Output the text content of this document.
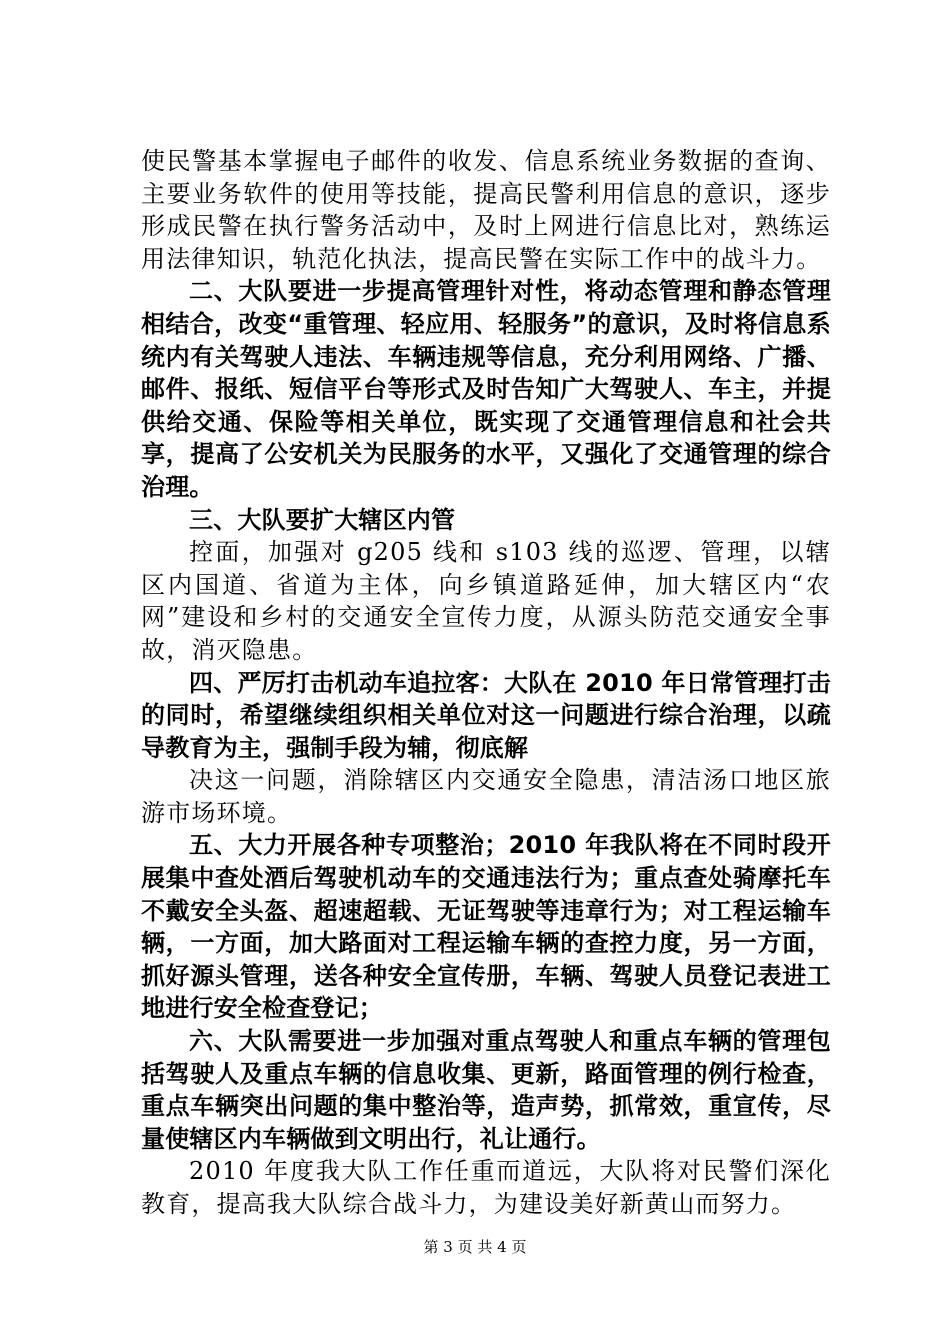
使民警基本掌握电子邮件的收发、信息系统业务数据的查询、主要业务软件的使用等技能，提高民警利用信息的意识，逐步形成民警在执行警务活动中，及时上网进行信息比对，熟练运用法律知识，轨范化执法，提高民警在实际工作中的战斗力。

二、大队要进一步提高管理针对性，将动态管理和静态管理相结合，改变“重管理、轻应用、轻服务”的意识，及时将信息系统内有关驾驶人违法、车辆违规等信息，充分利用网络、广播、邮件、报纸、短信平台等形式及时告知广大驾驶人、车主，并提供给交通、保险等相关单位，既实现了交通管理信息和社会共享，提高了公安机关为民服务的水平，又强化了交通管理的综合治理。

三、大队要扩大辖区内管

控面，加强对 g205 线和 s103 线的巡逻、管理，以辖区内国道、省道为主体，向乡镇道路延伸，加大辖区内“农网”建设和乡村的交通安全宣传力度，从源头防范交通安全事故，消灭隐患。

四、严厉打击机动车追拉客：大队在 2010 年日常管理打击的同时，希望继续组织相关单位对这一问题进行综合治理，以疏导教育为主，强制手段为辅，彻底解

决这一问题，消除辖区内交通安全隐患，清洁汤口地区旅游市场环境。

五、大力开展各种专项整治；2010 年我队将在不同时段开展集中查处酒后驾驶机动车的交通违法行为；重点查处骑摩托车不戴安全头盔、超速超载、无证驾驶等违章行为；对工程运输车辆，一方面，加大路面对工程运输车辆的查控力度，另一方面，抓好源头管理，送各种安全宣传册，车辆、驾驶人员登记表进工地进行安全检查登记；

六、大队需要进一步加强对重点驾驶人和重点车辆的管理包括驾驶人及重点车辆的信息收集、更新，路面管理的例行检查，重点车辆突出问题的集中整治等，造声势，抓常效，重宣传，尽量使辖区内车辆做到文明出行，礼让通行。

2010 年度我大队工作任重而道远，大队将对民警们深化教育，提高我大队综合战斗力，为建设美好新黄山而努力。

第 3 页 共 4 页
